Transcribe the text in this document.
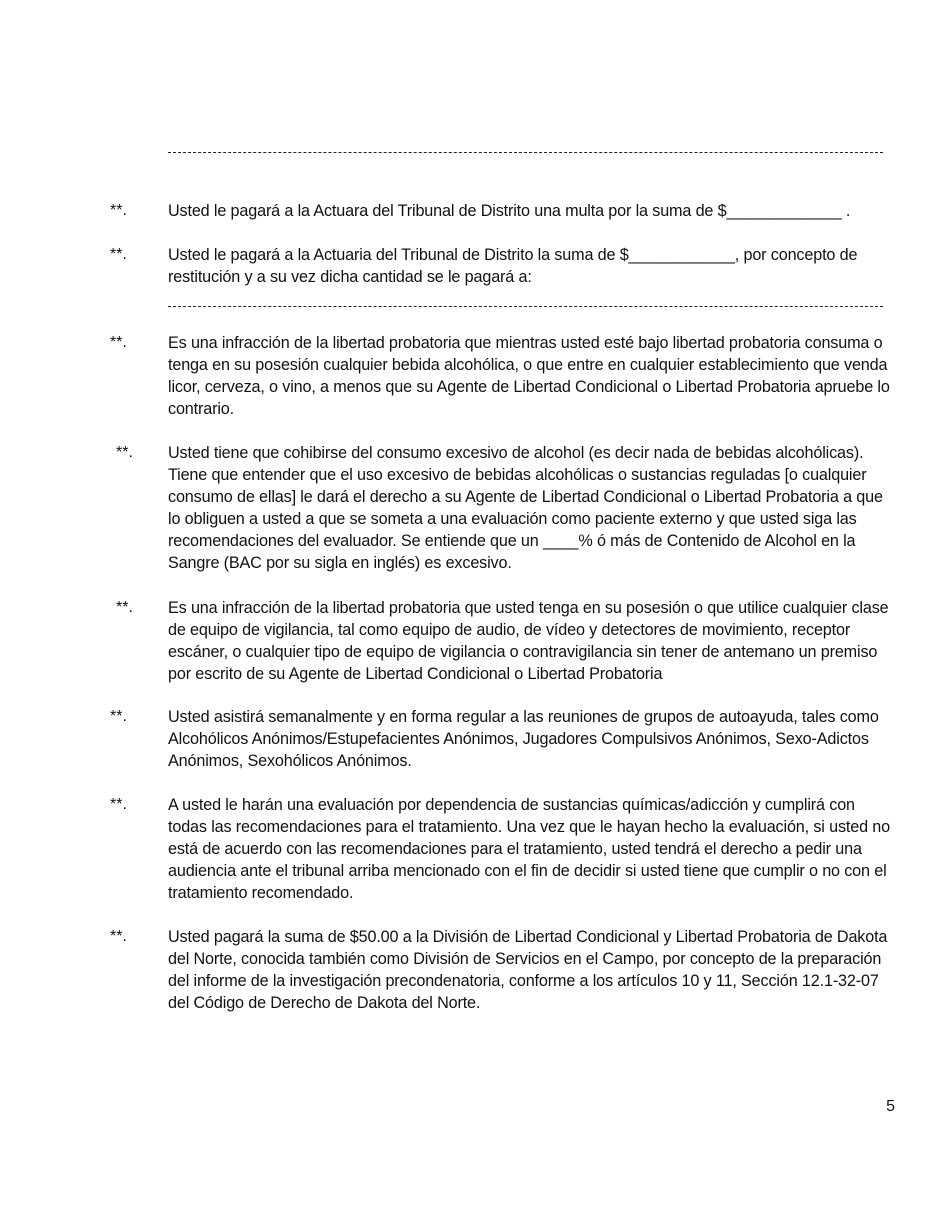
**.	Usted le pagará a la Actuara del Tribunal de Distrito una multa por la suma de $_____________ .
**.	Usted le pagará a la Actuaria del Tribunal de Distrito la suma de $____________, por concepto de restitución y a su vez dicha cantidad se le pagará a:
**.	Es una infracción de la libertad probatoria que mientras usted esté bajo libertad probatoria consuma o tenga en su posesión cualquier bebida alcohólica, o que entre en cualquier establecimiento que venda licor, cerveza, o vino, a menos que su Agente de Libertad Condicional o Libertad Probatoria apruebe lo contrario.
**. Usted tiene que cohibirse del consumo excesivo de alcohol (es decir nada de bebidas alcohólicas). Tiene que entender que el uso excesivo de bebidas alcohólicas o sustancias reguladas [o cualquier consumo de ellas] le dará el derecho a su Agente de Libertad Condicional o Libertad Probatoria a que lo obliguen a usted a que se someta a una evaluación como paciente externo y que usted siga las recomendaciones del evaluador. Se entiende que un ____% ó más de Contenido de Alcohol en la Sangre (BAC por su sigla en inglés) es excesivo.
**. Es una infracción de la libertad probatoria que usted tenga en su posesión o que utilice cualquier clase de equipo de vigilancia, tal como equipo de audio, de vídeo y detectores de movimiento, receptor escáner, o cualquier tipo de equipo de vigilancia o contravigilancia sin tener de antemano un premiso por escrito de su Agente de Libertad Condicional o Libertad Probatoria
**.	Usted asistirá semanalmente y en forma regular a las reuniones de grupos de autoayuda, tales como Alcohólicos Anónimos/Estupefacientes Anónimos, Jugadores Compulsivos Anónimos, Sexo-Adictos Anónimos, Sexohólicos Anónimos.
**.	A usted le harán una evaluación por dependencia de sustancias químicas/adicción y cumplirá con todas las recomendaciones para el tratamiento. Una vez que le hayan hecho la evaluación, si usted no está de acuerdo con las recomendaciones para el tratamiento, usted tendrá el derecho a pedir una audiencia ante el tribunal arriba mencionado con el fin de decidir si usted tiene que cumplir o no con el tratamiento recomendado.
**.	Usted pagará la suma de $50.00 a la División de Libertad Condicional y Libertad Probatoria de Dakota del Norte, conocida también como División de Servicios en el Campo, por concepto de la preparación del informe de la investigación precondenatoria, conforme a los artículos 10 y 11, Sección 12.1-32-07 del Código de Derecho de Dakota del Norte.
5
